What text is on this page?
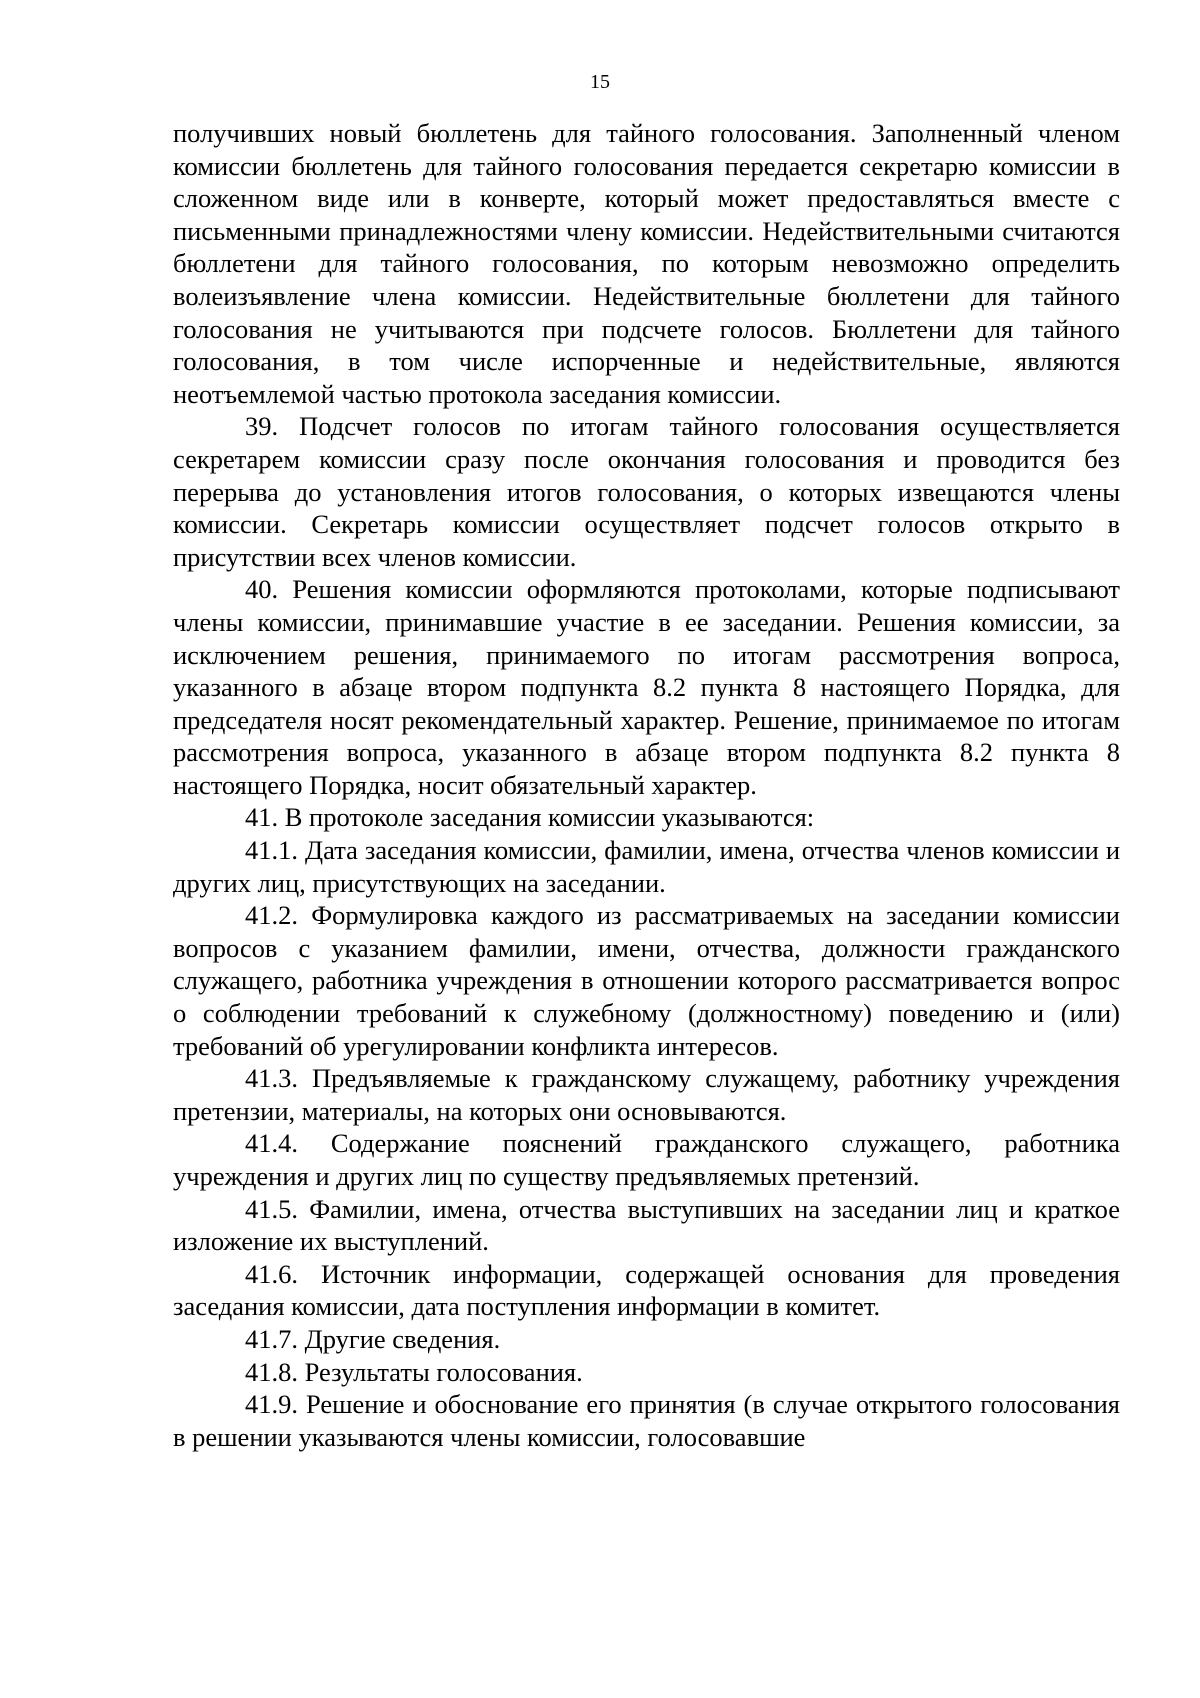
15

получивших новый бюллетень для тайного голосования. Заполненный членом комиссии бюллетень для тайного голосования передается секретарю комиссии в сложенном виде или в конверте, который может предоставляться вместе с письменными принадлежностями члену комиссии. Недействительными считаются бюллетени для тайного голосования, по которым невозможно определить волеизъявление члена комиссии. Недействительные бюллетени для тайного голосования не учитываются при подсчете голосов. Бюллетени для тайного голосования, в том числе испорченные и недействительные, являются неотъемлемой частью протокола заседания комиссии.

39. Подсчет голосов по итогам тайного голосования осуществляется секретарем комиссии сразу после окончания голосования и проводится без перерыва до установления итогов голосования, о которых извещаются члены комиссии. Секретарь комиссии осуществляет подсчет голосов открыто в присутствии всех членов комиссии.

40. Решения комиссии оформляются протоколами, которые подписывают члены комиссии, принимавшие участие в ее заседании. Решения комиссии, за исключением решения, принимаемого по итогам рассмотрения вопроса, указанного в абзаце втором подпункта 8.2 пункта 8 настоящего Порядка, для председателя носят рекомендательный характер. Решение, принимаемое по итогам рассмотрения вопроса, указанного в абзаце втором подпункта 8.2 пункта 8 настоящего Порядка, носит обязательный характер.

41. В протоколе заседания комиссии указываются:

41.1. Дата заседания комиссии, фамилии, имена, отчества членов комиссии и других лиц, присутствующих на заседании.

41.2. Формулировка каждого из рассматриваемых на заседании комиссии вопросов с указанием фамилии, имени, отчества, должности гражданского служащего, работника учреждения в отношении которого рассматривается вопрос о соблюдении требований к служебному (должностному) поведению и (или) требований об урегулировании конфликта интересов.

41.3. Предъявляемые к гражданскому служащему, работнику учреждения претензии, материалы, на которых они основываются.

41.4. Содержание пояснений гражданского служащего, работника учреждения и других лиц по существу предъявляемых претензий.

41.5. Фамилии, имена, отчества выступивших на заседании лиц и краткое изложение их выступлений.

41.6. Источник информации, содержащей основания для проведения заседания комиссии, дата поступления информации в комитет.

41.7. Другие сведения.

41.8. Результаты голосования.

41.9. Решение и обоснование его принятия (в случае открытого голосования в решении указываются члены комиссии, голосовавшие
